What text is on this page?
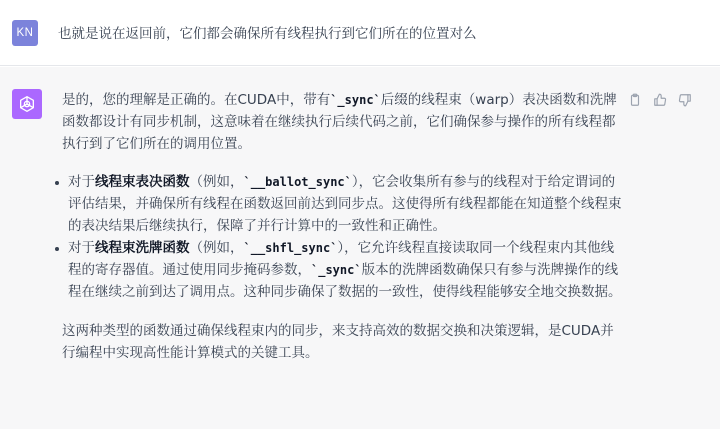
KN	也就是说在返回前，它们都会确保所有线程执行到它们所在的位置对么

是的，您的理解是正确的。在CUDA中，带有`_sync`后缀的线程束（warp）表决函数和洗牌函数都设计有同步机制，这意味着在继续执行后续代码之前，它们确保参与操作的所有线程都执行到了它们所在的调用位置。

对于线程束表决函数（例如，`__ballot_sync`），它会收集所有参与的线程对于给定谓词的评估结果，并确保所有线程在函数返回前达到同步点。这使得所有线程都能在知道整个线程束的表决结果后继续执行，保障了并行计算中的一致性和正确性。
对于线程束洗牌函数（例如，`__shfl_sync`），它允许线程直接读取同一个线程束内其他线程的寄存器值。通过使用同步掩码参数，`_sync`版本的洗牌函数确保只有参与洗牌操作的线程在继续之前到达了调用点。这种同步确保了数据的一致性，使得线程能够安全地交换数据。

这两种类型的函数通过确保线程束内的同步，来支持高效的数据交换和决策逻辑，是CUDA并行编程中实现高性能计算模式的关键工具。
